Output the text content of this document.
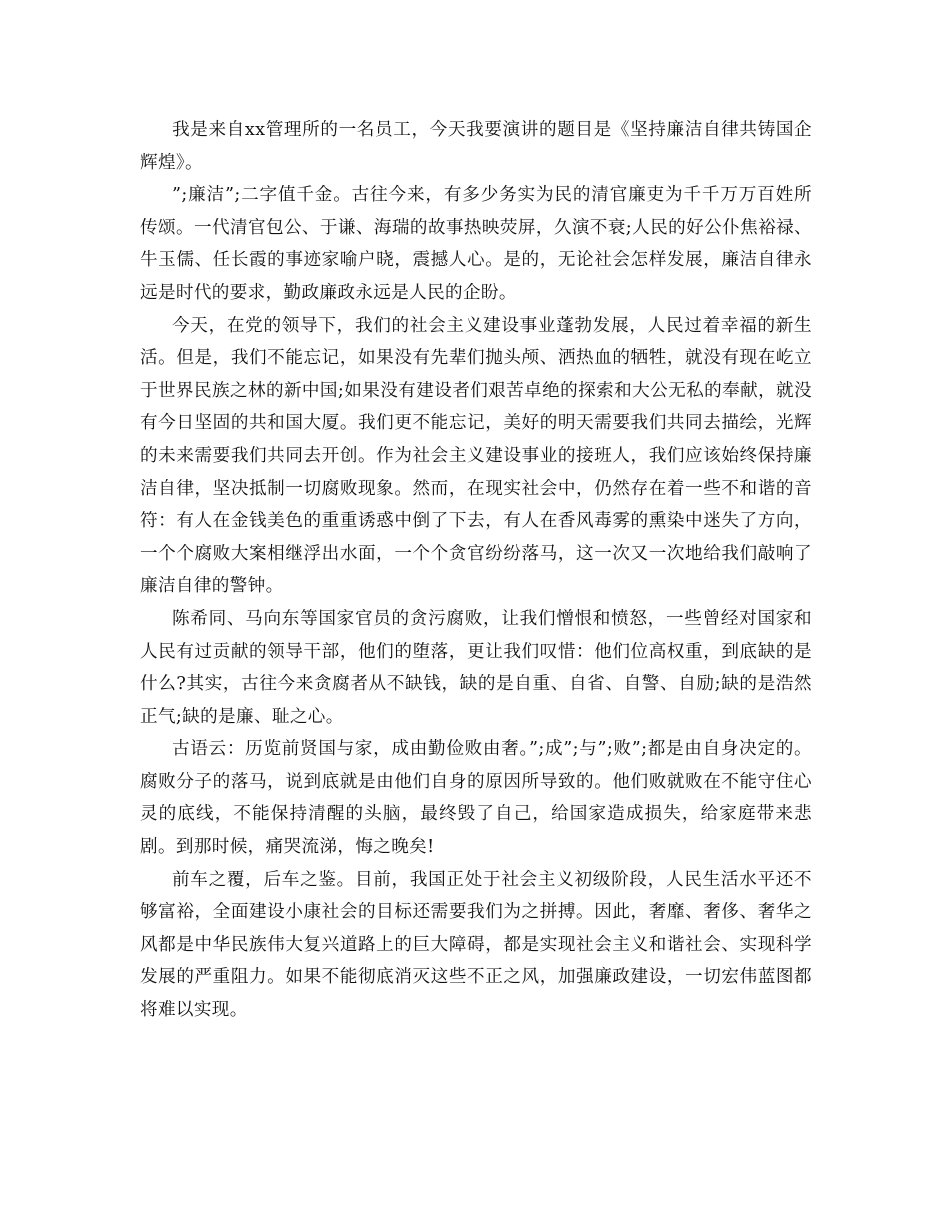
我是来自xx管理所的一名员工，今天我要演讲的题目是《坚持廉洁自律共铸国企辉煌》。

”;廉洁”;二字值千金。古往今来，有多少务实为民的清官廉吏为千千万万百姓所传颂。一代清官包公、于谦、海瑞的故事热映荧屏，久演不衰;人民的好公仆焦裕禄、牛玉儒、任长霞的事迹家喻户晓，震撼人心。是的，无论社会怎样发展，廉洁自律永远是时代的要求，勤政廉政永远是人民的企盼。

今天，在党的领导下，我们的社会主义建设事业蓬勃发展，人民过着幸福的新生活。但是，我们不能忘记，如果没有先辈们抛头颅、洒热血的牺牲，就没有现在屹立于世界民族之林的新中国;如果没有建设者们艰苦卓绝的探索和大公无私的奉献，就没有今日坚固的共和国大厦。我们更不能忘记，美好的明天需要我们共同去描绘，光辉的未来需要我们共同去开创。作为社会主义建设事业的接班人，我们应该始终保持廉洁自律，坚决抵制一切腐败现象。然而，在现实社会中，仍然存在着一些不和谐的音符：有人在金钱美色的重重诱惑中倒了下去，有人在香风毒雾的熏染中迷失了方向，一个个腐败大案相继浮出水面，一个个贪官纷纷落马，这一次又一次地给我们敲响了廉洁自律的警钟。

陈希同、马向东等国家官员的贪污腐败，让我们憎恨和愤怒，一些曾经对国家和人民有过贡献的领导干部，他们的堕落，更让我们叹惜：他们位高权重，到底缺的是什么?其实，古往今来贪腐者从不缺钱，缺的是自重、自省、自警、自励;缺的是浩然正气;缺的是廉、耻之心。

古语云：历览前贤国与家，成由勤俭败由奢。”;成”;与”;败”;都是由自身决定的。腐败分子的落马，说到底就是由他们自身的原因所导致的。他们败就败在不能守住心灵的底线，不能保持清醒的头脑，最终毁了自己，给国家造成损失，给家庭带来悲剧。到那时候，痛哭流涕，悔之晚矣!

前车之覆，后车之鉴。目前，我国正处于社会主义初级阶段，人民生活水平还不够富裕，全面建设小康社会的目标还需要我们为之拼搏。因此，奢靡、奢侈、奢华之风都是中华民族伟大复兴道路上的巨大障碍，都是实现社会主义和谐社会、实现科学发展的严重阻力。如果不能彻底消灭这些不正之风，加强廉政建设，一切宏伟蓝图都将难以实现。
